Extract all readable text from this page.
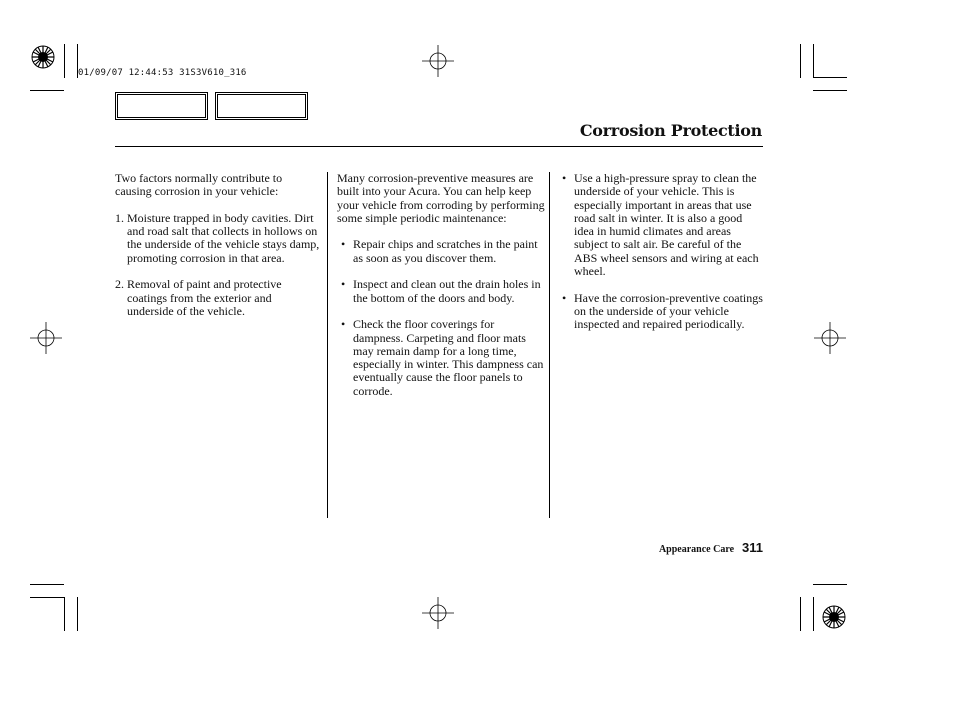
01/09/07 12:44:53 31S3V610_316
Corrosion Protection

Two factors normally contribute to causing corrosion in your vehicle:

1. Moisture trapped in body cavities. Dirt and road salt that collects in hollows on the underside of the vehicle stays damp, promoting corrosion in that area.
2. Removal of paint and protective coatings from the exterior and underside of the vehicle.

Many corrosion-preventive measures are built into your Acura. You can help keep your vehicle from corroding by performing some simple periodic maintenance:

• Repair chips and scratches in the paint as soon as you discover them.
• Inspect and clean out the drain holes in the bottom of the doors and body.
• Check the floor coverings for dampness. Carpeting and floor mats may remain damp for a long time, especially in winter. This dampness can eventually cause the floor panels to corrode.
• Use a high-pressure spray to clean the underside of your vehicle. This is especially important in areas that use road salt in winter. It is also a good idea in humid climates and areas subject to salt air. Be careful of the ABS wheel sensors and wiring at each wheel.
• Have the corrosion-preventive coatings on the underside of your vehicle inspected and repaired periodically.
Appearance Care 311
